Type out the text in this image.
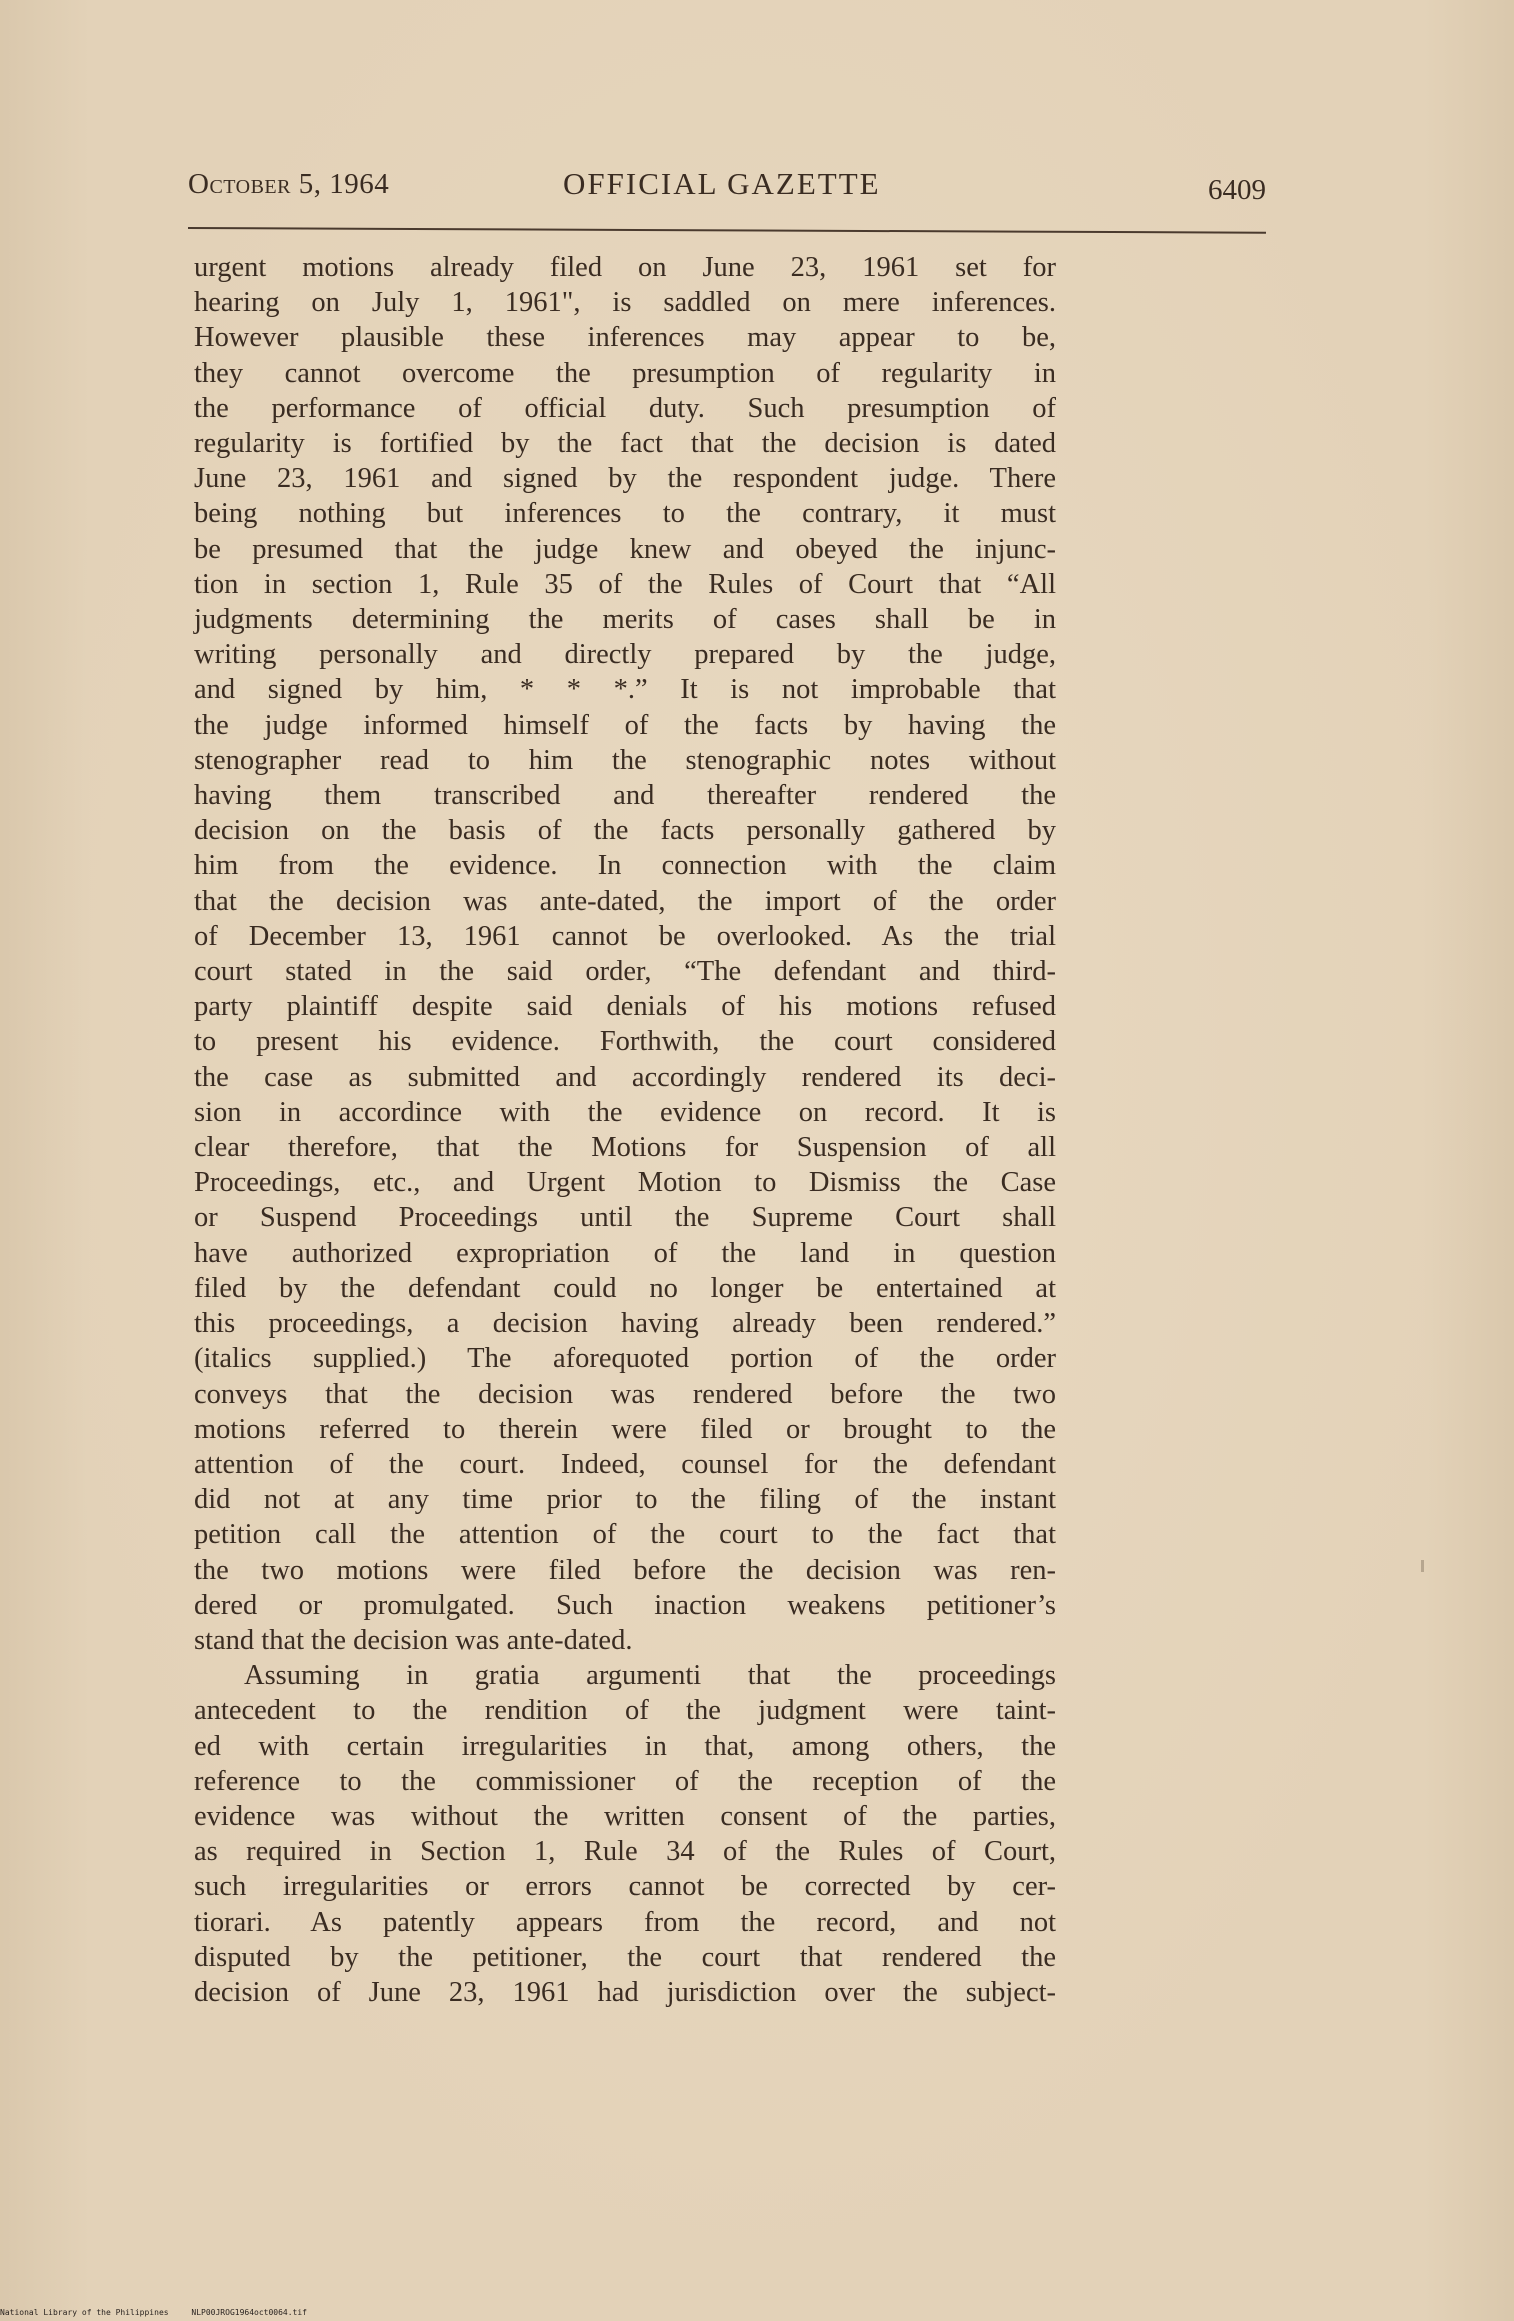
October 5, 1964	OFFICIAL GAZETTE	6409
urgent motions already filed on June 23, 1961 set for
hearing on July 1, 1961", is saddled on mere inferences.
However plausible these inferences may appear to be,
they cannot overcome the presumption of regularity in
the performance of official duty. Such presumption of
regularity is fortified by the fact that the decision is dated
June 23, 1961 and signed by the respondent judge. There
being nothing but inferences to the contrary, it must
be presumed that the judge knew and obeyed the injunc-
tion in section 1, Rule 35 of the Rules of Court that “All
judgments determining the merits of cases shall be in
writing personally and directly prepared by the judge,
and signed by him, * * *.” It is not improbable that
the judge informed himself of the facts by having the
stenographer read to him the stenographic notes without
having them transcribed and thereafter rendered the
decision on the basis of the facts personally gathered by
him from the evidence. In connection with the claim
that the decision was ante-dated, the import of the order
of December 13, 1961 cannot be overlooked. As the trial
court stated in the said order, “The defendant and third-
party plaintiff despite said denials of his motions refused
to present his evidence. Forthwith, the court considered
the case as submitted and accordingly rendered its deci-
sion in accordince with the evidence on record. It is
clear therefore, that the Motions for Suspension of all
Proceedings, etc., and Urgent Motion to Dismiss the Case
or Suspend Proceedings until the Supreme Court shall
have authorized expropriation of the land in question
filed by the defendant could no longer be entertained at
this proceedings, a decision having already been rendered.”
(italics supplied.) The aforequoted portion of the order
conveys that the decision was rendered before the two
motions referred to therein were filed or brought to the
attention of the court. Indeed, counsel for the defendant
did not at any time prior to the filing of the instant
petition call the attention of the court to the fact that
the two motions were filed before the decision was ren-
dered or promulgated. Such inaction weakens petitioner’s
stand that the decision was ante-dated.
Assuming in gratia argumenti that the proceedings
antecedent to the rendition of the judgment were taint-
ed with certain irregularities in that, among others, the
reference to the commissioner of the reception of the
evidence was without the written consent of the parties,
as required in Section 1, Rule 34 of the Rules of Court,
such irregularities or errors cannot be corrected by cer-
tiorari. As patently appears from the record, and not
disputed by the petitioner, the court that rendered the
decision of June 23, 1961 had jurisdiction over the subject-
National Library of the Philippines	NLP00JROG1964oct0064.tif
